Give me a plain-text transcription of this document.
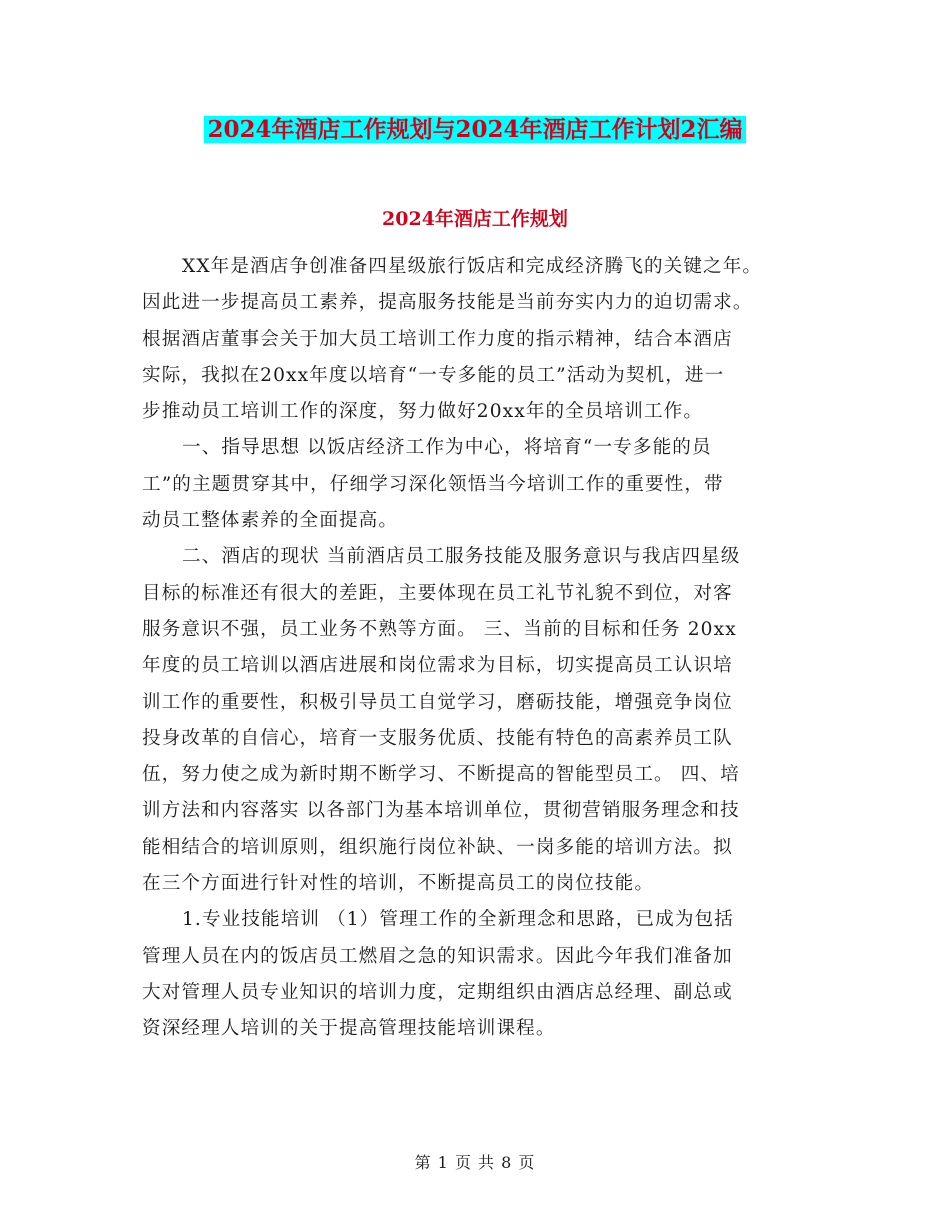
2024年酒店工作规划与2024年酒店工作计划2汇编
2024年酒店工作规划
XX年是酒店争创准备四星级旅行饭店和完成经济腾飞的关键之年。
因此进一步提高员工素养，提高服务技能是当前夯实内力的迫切需求。
根据酒店董事会关于加大员工培训工作力度的指示精神，结合本酒店
实际，我拟在20xx年度以培育“一专多能的员工”活动为契机，进一
步推动员工培训工作的深度，努力做好20xx年的全员培训工作。
一、指导思想 以饭店经济工作为中心，将培育“一专多能的员
工”的主题贯穿其中，仔细学习深化领悟当今培训工作的重要性，带
动员工整体素养的全面提高。
二、酒店的现状 当前酒店员工服务技能及服务意识与我店四星级
目标的标准还有很大的差距，主要体现在员工礼节礼貌不到位，对客
服务意识不强，员工业务不熟等方面。 三、当前的目标和任务 20xx
年度的员工培训以酒店进展和岗位需求为目标，切实提高员工认识培
训工作的重要性，积极引导员工自觉学习，磨砺技能，增强竞争岗位
投身改革的自信心，培育一支服务优质、技能有特色的高素养员工队
伍，努力使之成为新时期不断学习、不断提高的智能型员工。 四、培
训方法和内容落实 以各部门为基本培训单位，贯彻营销服务理念和技
能相结合的培训原则，组织施行岗位补缺、一岗多能的培训方法。拟
在三个方面进行针对性的培训，不断提高员工的岗位技能。
1.专业技能培训 （1）管理工作的全新理念和思路，已成为包括
管理人员在内的饭店员工燃眉之急的知识需求。因此今年我们准备加
大对管理人员专业知识的培训力度，定期组织由酒店总经理、副总或
资深经理人培训的关于提高管理技能培训课程。
第 1 页 共 8 页
